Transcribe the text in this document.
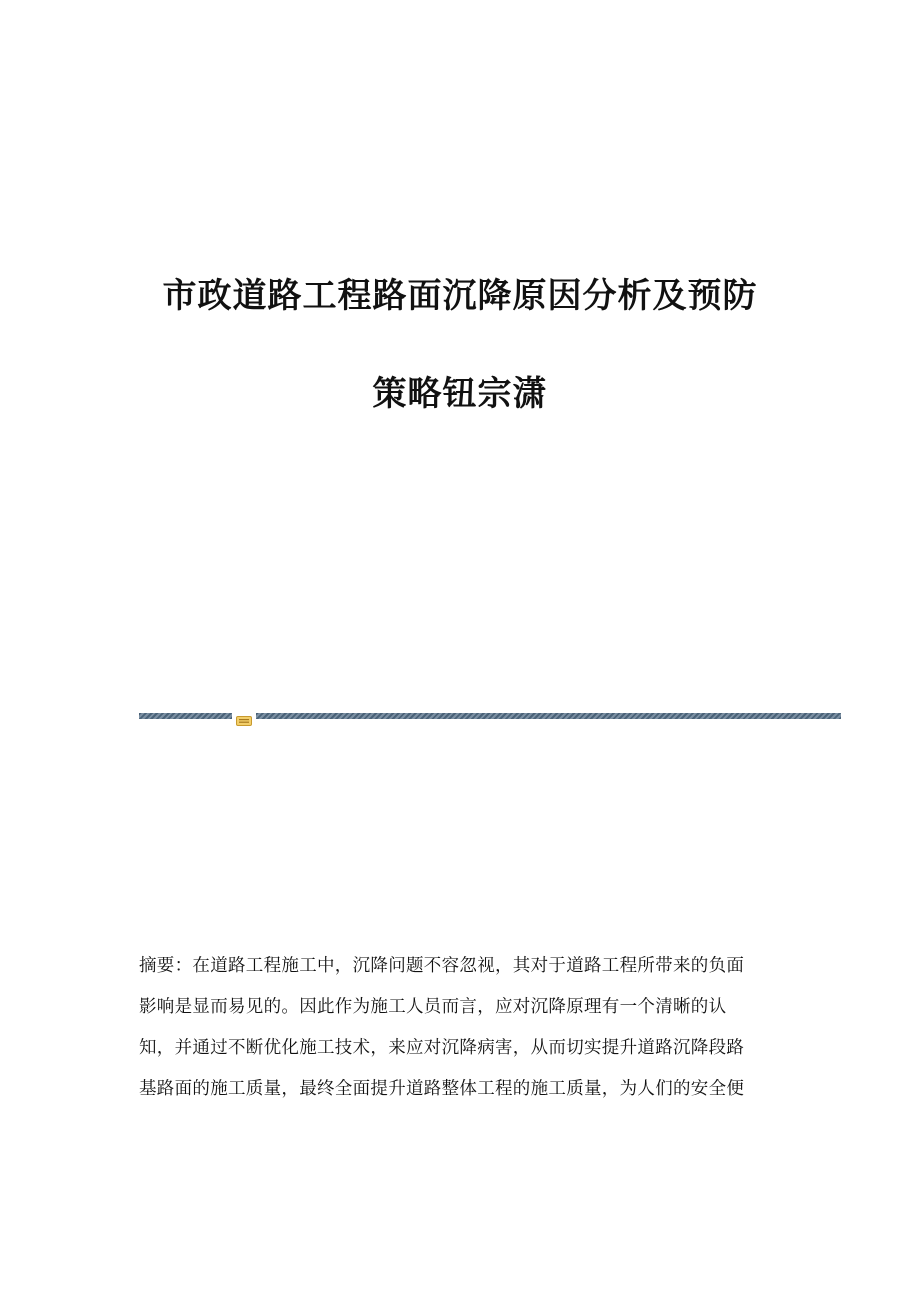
市政道路工程路面沉降原因分析及预防
策略钮宗潇
摘要：在道路工程施工中，沉降问题不容忽视，其对于道路工程所带来的负面
影响是显而易见的。因此作为施工人员而言，应对沉降原理有一个清晰的认
知，并通过不断优化施工技术，来应对沉降病害，从而切实提升道路沉降段路
基路面的施工质量，最终全面提升道路整体工程的施工质量，为人们的安全便
